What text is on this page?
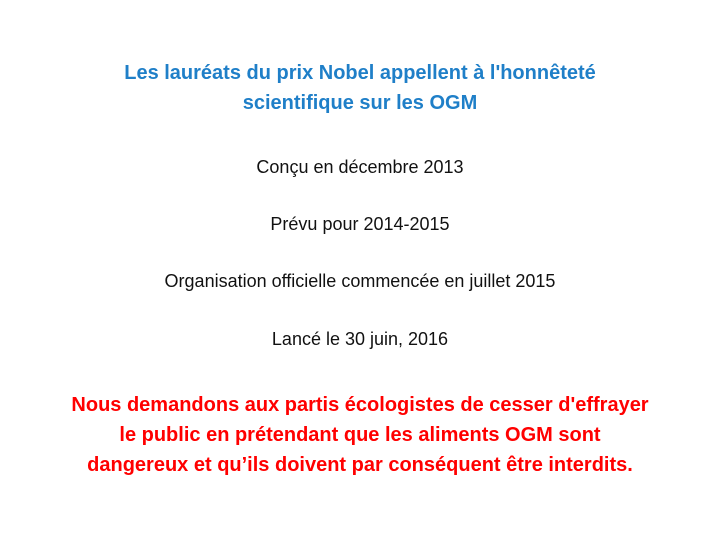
Les lauréats du prix Nobel appellent à l'honnêteté
scientifique sur les OGM
Conçu en décembre 2013
Prévu pour 2014-2015
Organisation officielle commencée en juillet 2015
Lancé le 30 juin, 2016
Nous demandons aux partis écologistes de cesser d'effrayer
le public en prétendant que les aliments OGM sont
dangereux et qu’ils doivent par conséquent être interdits.
